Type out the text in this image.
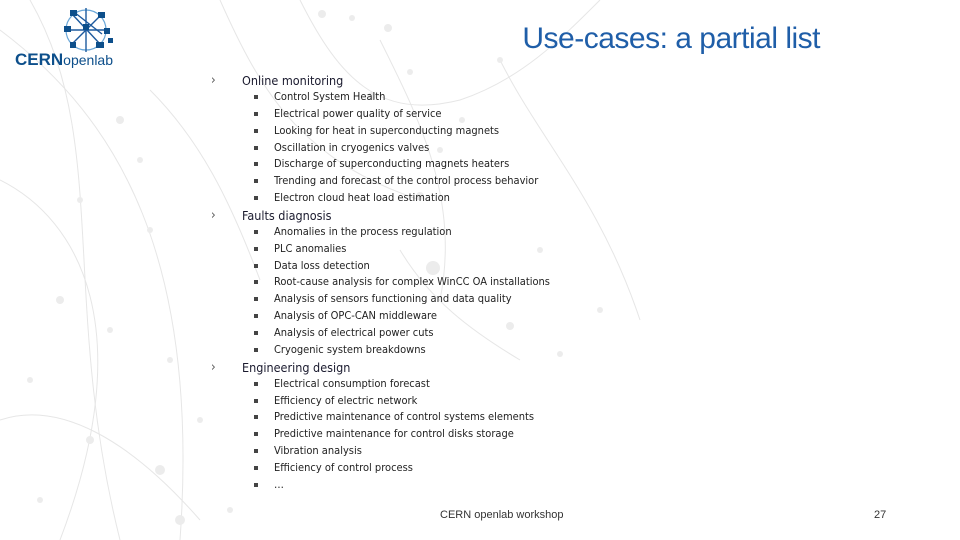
CERNopenlab
Use-cases: a partial list
› Online monitoring
Control System Health
Electrical power quality of service
Looking for heat in superconducting magnets
Oscillation in cryogenics valves
Discharge of superconducting magnets heaters
Trending and forecast of the control process behavior
Electron cloud heat load estimation
› Faults diagnosis
Anomalies in the process regulation
PLC anomalies
Data loss detection
Root-cause analysis for complex WinCC OA installations
Analysis of sensors functioning and data quality
Analysis of OPC-CAN middleware
Analysis of electrical power cuts
Cryogenic system breakdowns
› Engineering design
Electrical consumption forecast
Efficiency of electric network
Predictive maintenance of control systems elements
Predictive maintenance for control disks storage
Vibration analysis
Efficiency of control process
…
CERN openlab workshop	27
